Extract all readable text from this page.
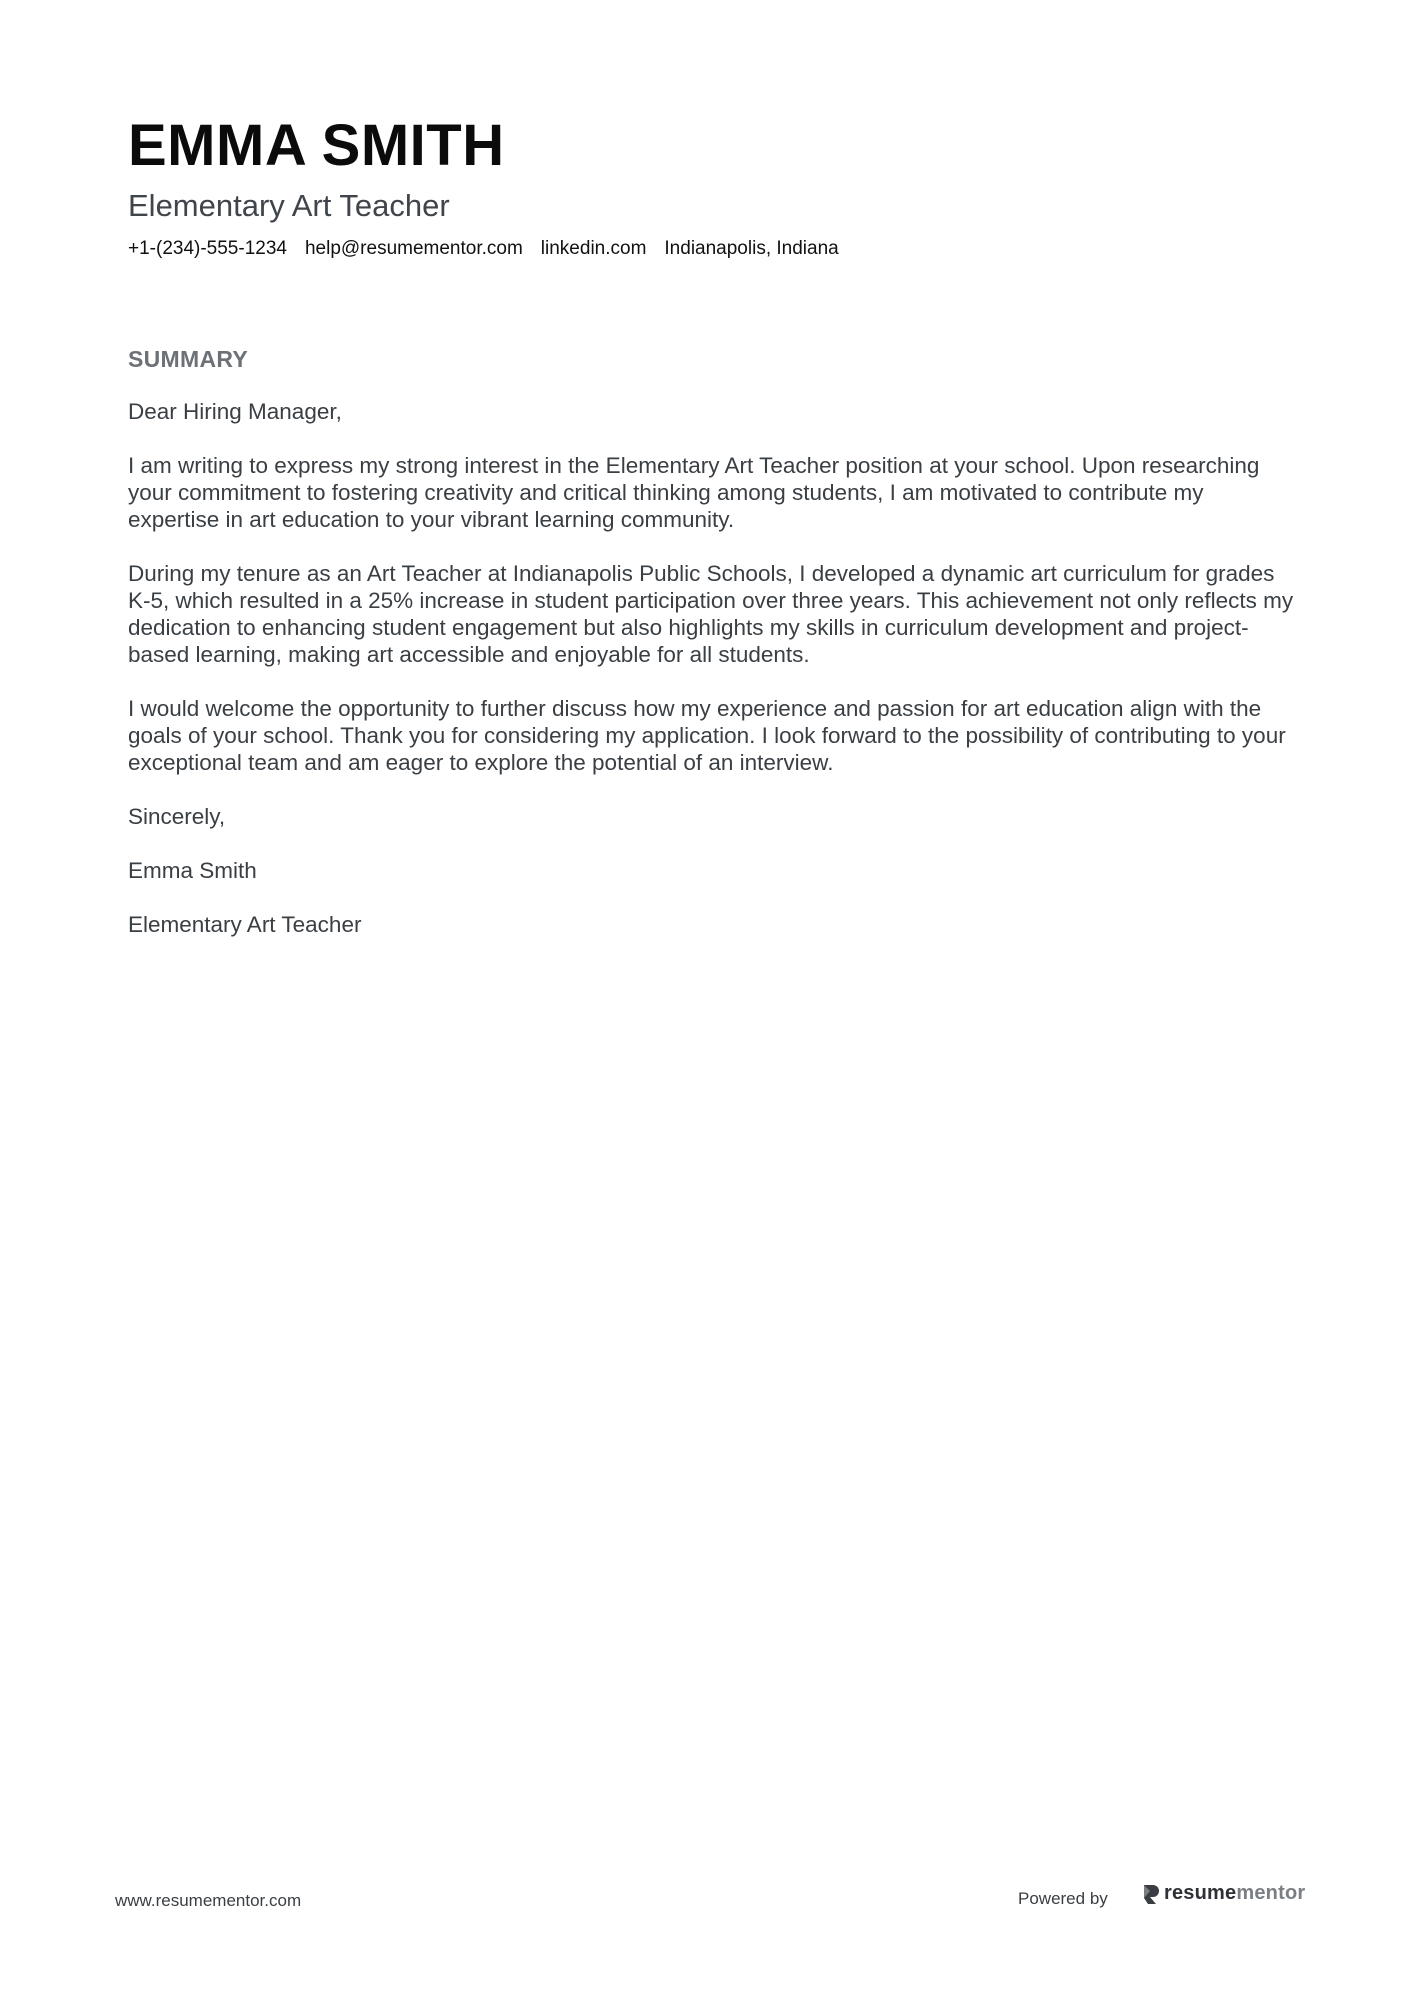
EMMA SMITH
Elementary Art Teacher
+1-(234)-555-1234 help@resumementor.com linkedin.com Indianapolis, Indiana
SUMMARY

Dear Hiring Manager,

I am writing to express my strong interest in the Elementary Art Teacher position at your school. Upon researching your commitment to fostering creativity and critical thinking among students, I am motivated to contribute my expertise in art education to your vibrant learning community.

During my tenure as an Art Teacher at Indianapolis Public Schools, I developed a dynamic art curriculum for grades K-5, which resulted in a 25% increase in student participation over three years. This achievement not only reflects my dedication to enhancing student engagement but also highlights my skills in curriculum development and project-based learning, making art accessible and enjoyable for all students.

I would welcome the opportunity to further discuss how my experience and passion for art education align with the goals of your school. Thank you for considering my application. I look forward to the possibility of contributing to your exceptional team and am eager to explore the potential of an interview.

Sincerely,

Emma Smith

Elementary Art Teacher

www.resumementor.com	Powered by	resumementor
